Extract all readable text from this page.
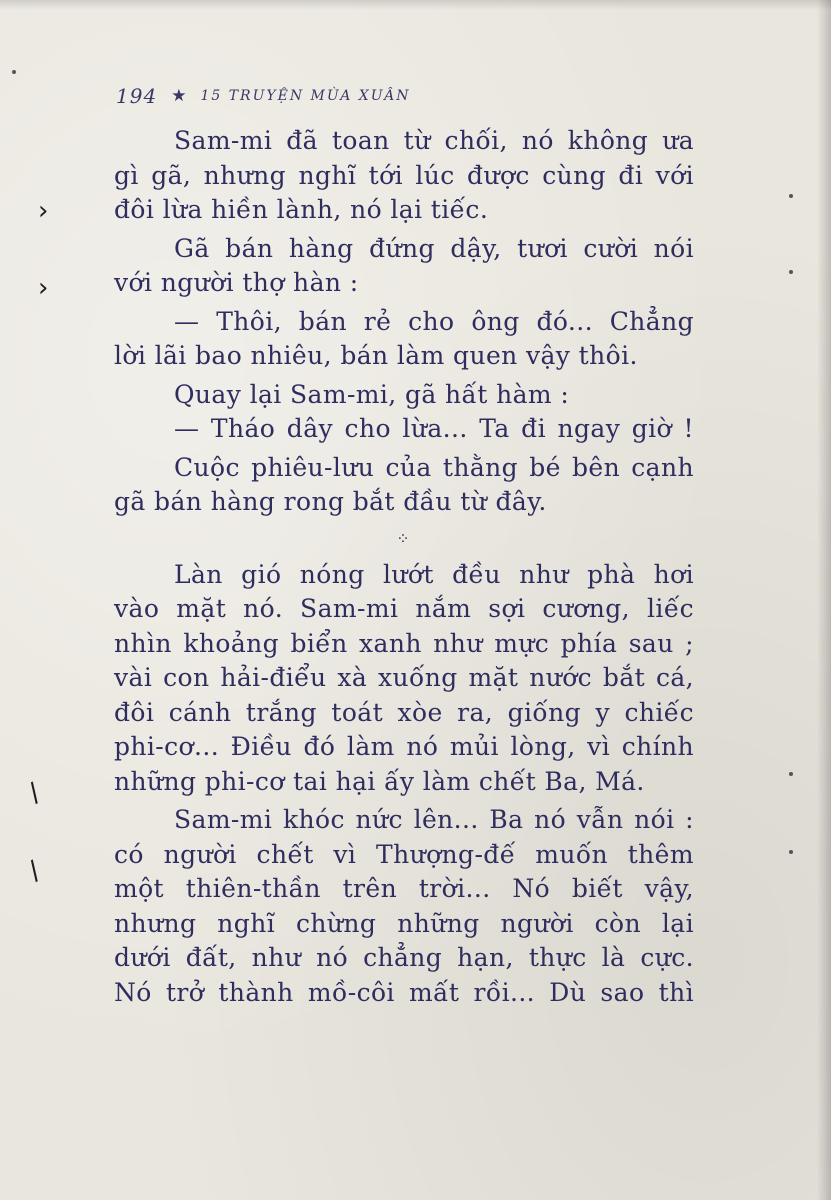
194 ★ 15 TRUYỆN MÙA XUÂN
Sam-mi đã toan từ chối, nó không ưa
gì gã, nhưng nghĩ tới lúc được cùng đi với
đôi lừa hiền lành, nó lại tiếc.
Gã bán hàng đứng dậy, tươi cười nói
với người thợ hàn :
— Thôi, bán rẻ cho ông đó... Chẳng
lời lãi bao nhiêu, bán làm quen vậy thôi.
Quay lại Sam-mi, gã hất hàm :
— Tháo dây cho lừa... Ta đi ngay giờ !
Cuộc phiêu-lưu của thằng bé bên cạnh
gã bán hàng rong bắt đầu từ đây.
⁘
Làn gió nóng lướt đều như phà hơi
vào mặt nó. Sam-mi nắm sợi cương, liếc
nhìn khoảng biển xanh như mực phía sau ;
vài con hải-điểu xà xuống mặt nước bắt cá,
đôi cánh trắng toát xòe ra, giống y chiếc
phi-cơ... Điều đó làm nó mủi lòng, vì chính
những phi-cơ tai hại ấy làm chết Ba, Má.
Sam-mi khóc nức lên... Ba nó vẫn nói :
có người chết vì Thượng-đế muốn thêm
một thiên-thần trên trời... Nó biết vậy,
nhưng nghĩ chừng những người còn lại
dưới đất, như nó chẳng hạn, thực là cực.
Nó trở thành mồ-côi mất rồi... Dù sao thì
›
›
/
/
